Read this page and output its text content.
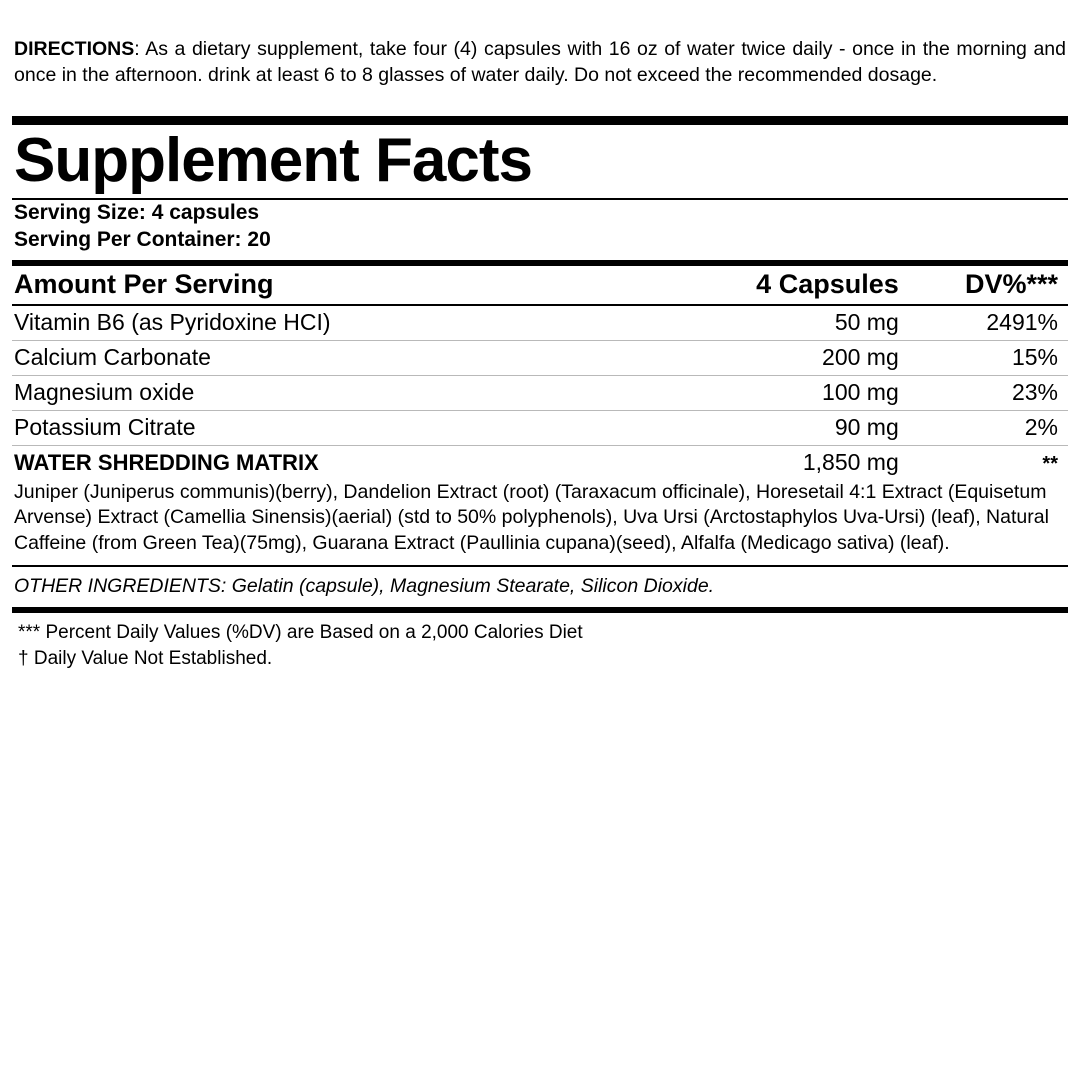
DIRECTIONS: As a dietary supplement, take four (4) capsules with 16 oz of water twice daily - once in the morning and once in the afternoon. drink at least 6 to 8 glasses of water daily. Do not exceed the recommended dosage.

Supplement Facts
Serving Size: 4 capsules
Serving Per Container: 20
Amount Per Serving	4 Capsules	DV%***
Vitamin B6 (as Pyridoxine HCI)	50 mg	2491%
Calcium Carbonate	200 mg	15%
Magnesium oxide	100 mg	23%
Potassium Citrate	90 mg	2%
WATER SHREDDING MATRIX	1,850 mg	**
Juniper (Juniperus communis)(berry), Dandelion Extract (root) (Taraxacum officinale), Horesetail 4:1 Extract (Equisetum Arvense) Extract (Camellia Sinensis)(aerial) (std to 50% polyphenols), Uva Ursi (Arctostaphylos Uva-Ursi) (leaf), Natural Caffeine (from Green Tea)(75mg), Guarana Extract (Paullinia cupana)(seed), Alfalfa (Medicago sativa) (leaf).
OTHER INGREDIENTS: Gelatin (capsule), Magnesium Stearate, Silicon Dioxide.
*** Percent Daily Values (%DV) are Based on a 2,000 Calories Diet
† Daily Value Not Established.
